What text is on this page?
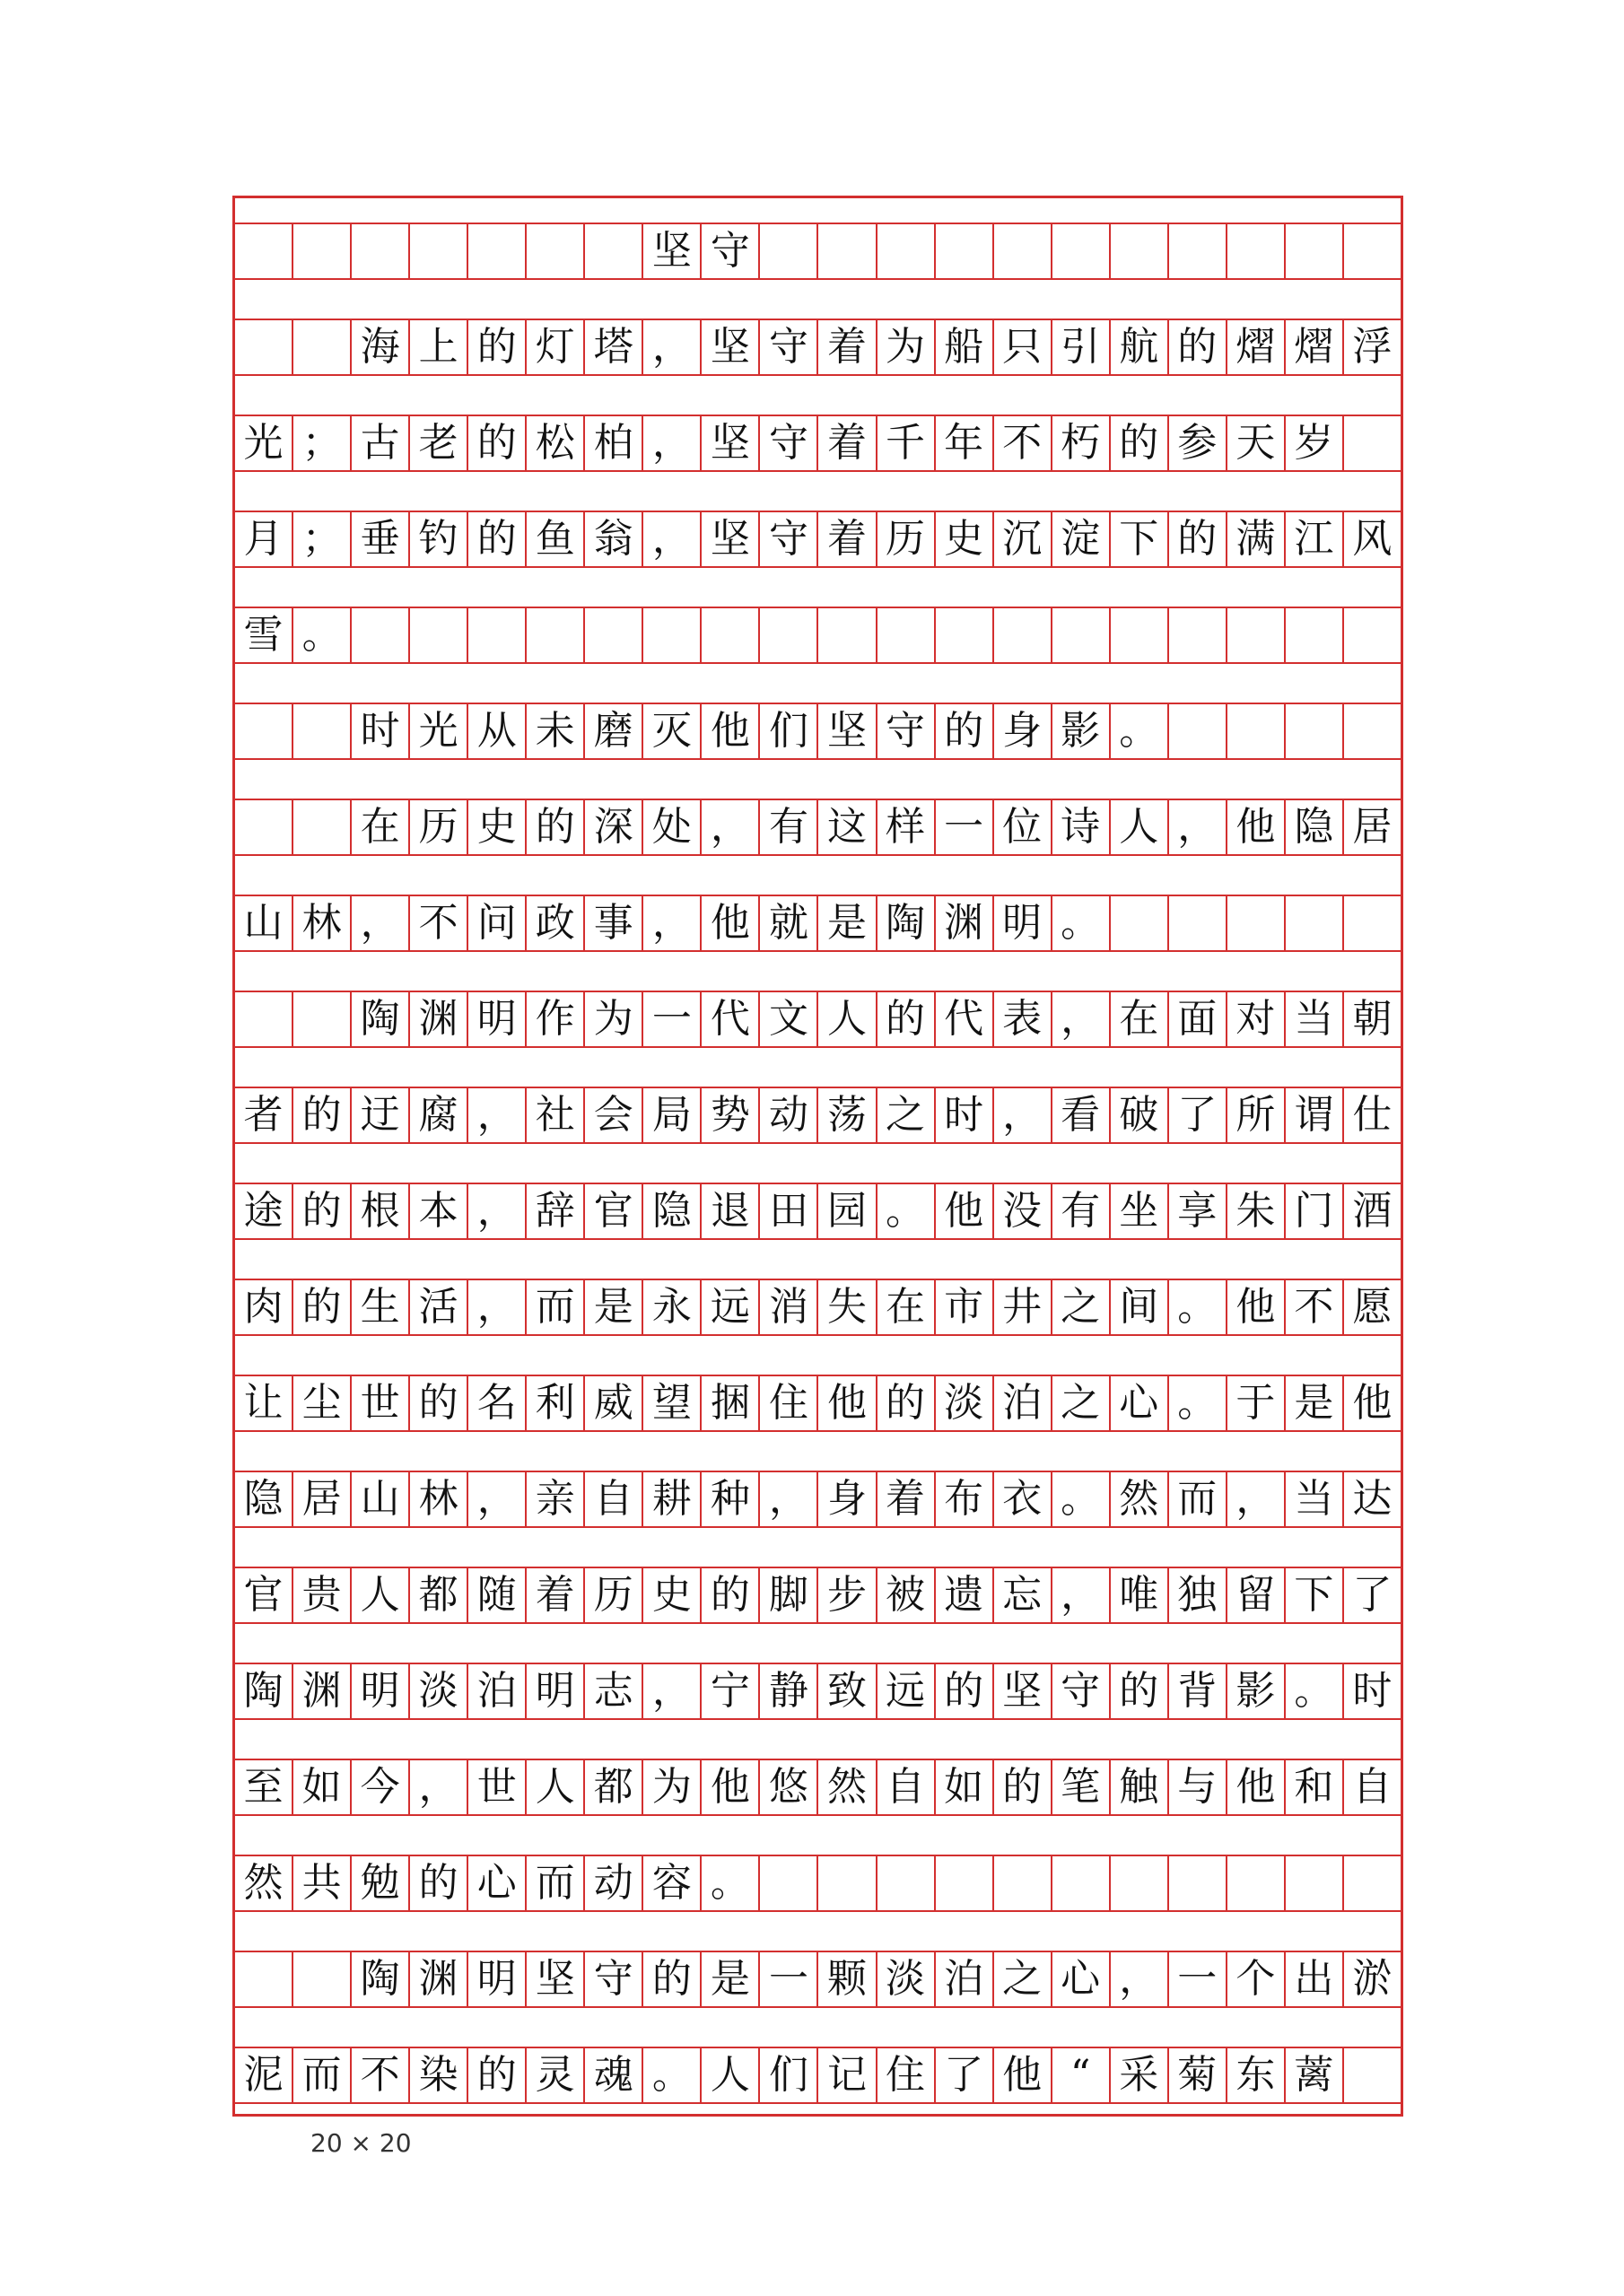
坚 守
海 上 的 灯 塔 ， 坚 守 着 为 船 只 引 航 的 熠 熠 浮
光 ； 古 老 的 松 柏 ， 坚 守 着 千 年 不 朽 的 参 天 岁
月 ； 垂 钓 的 鱼 翁 ， 坚 守 着 历 史 沉 淀 下 的 满 江 风
雪 。
时 光 从 未 磨 灭 他 们 坚 守 的 身 影 。
在 历 史 的 深 处 ， 有 这 样 一 位 诗 人 ， 他 隐 居
山 林 ， 不 问 政 事 ， 他 就 是 陶 渊 明 。
陶 渊 明 作 为 一 代 文 人 的 代 表 ， 在 面 对 当 朝
者 的 迂 腐 ， 社 会 局 势 动 荡 之 时 ， 看 破 了 所 谓 仕
途 的 根 本 ， 辞 官 隐 退 田 园 。 他 没 有 坐 享 朱 门 酒
肉 的 生 活 ， 而 是 永 远 消 失 在 市 井 之 间 。 他 不 愿
让 尘 世 的 名 利 威 望 捆 住 他 的 淡 泊 之 心 。 于 是 他
隐 居 山 林 ， 亲 自 耕 种 ， 身 着 布 衣 。 然 而 ， 当 达
官 贵 人 都 随 着 历 史 的 脚 步 被 遗 忘 ， 唯 独 留 下 了
陶 渊 明 淡 泊 明 志 ， 宁 静 致 远 的 坚 守 的 背 影 。 时
至 如 今 ， 世 人 都 为 他 悠 然 自 如 的 笔 触 与 他 和 自
然 共 勉 的 心 而 动 容 。
陶 渊 明 坚 守 的 是 一 颗 淡 泊 之 心 ， 一 个 出 淤
泥 而 不 染 的 灵 魂 。 人 们 记 住 了 他 “ 采 菊 东 蓠
20 × 20
